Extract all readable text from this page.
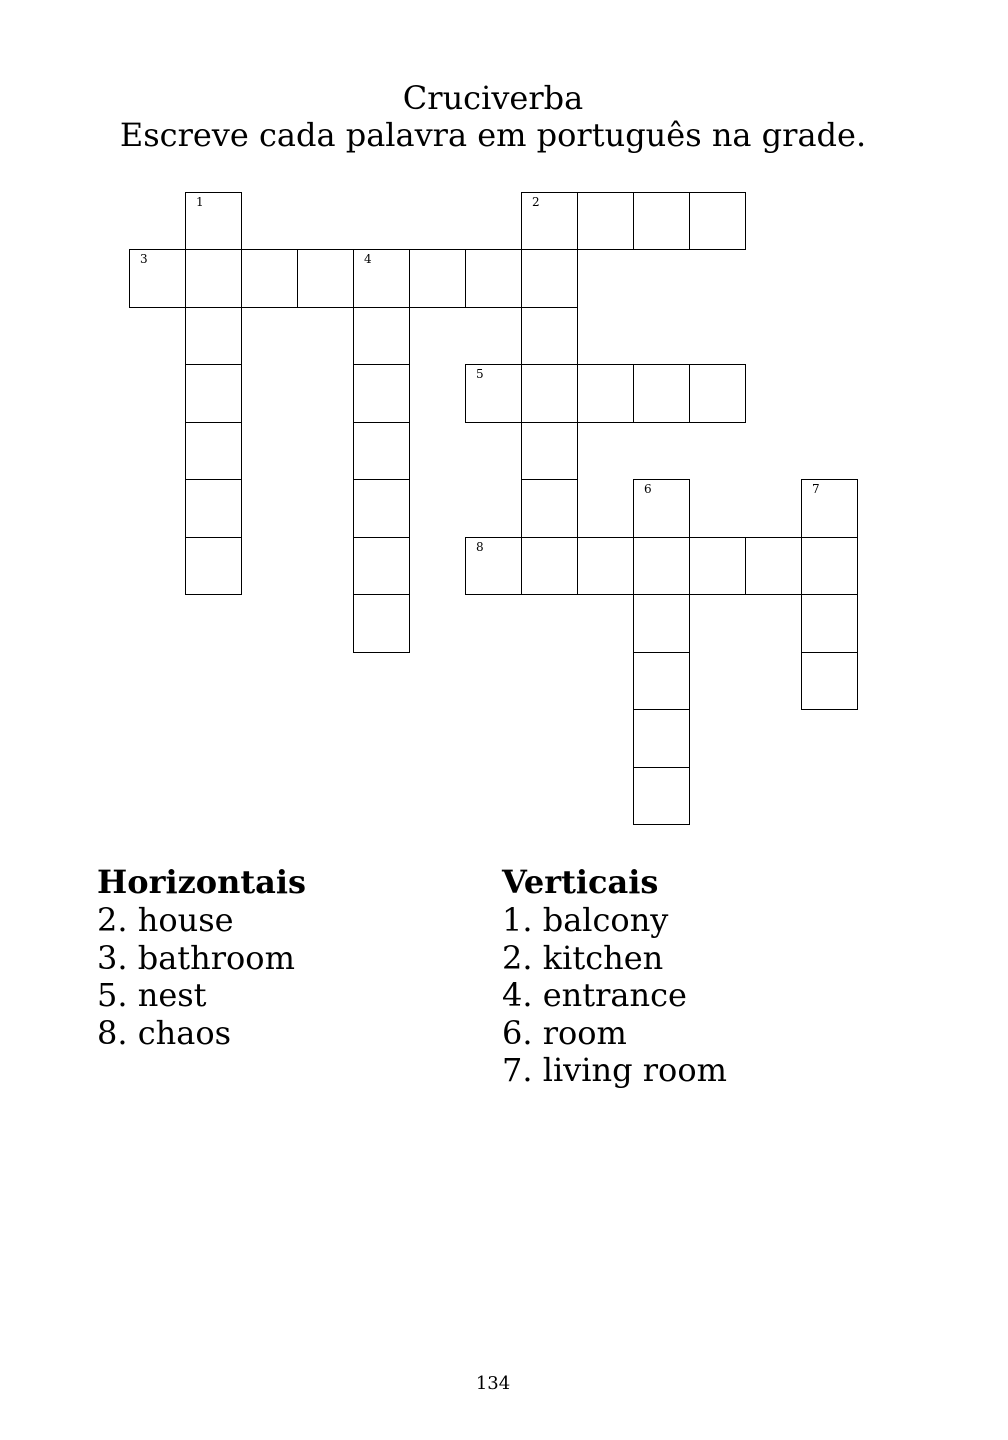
Cruciverba
Escreve cada palavra em português na grade.
1	2
3	4
5
6	7
8
Horizontais
2. house
3. bathroom
5. nest
8. chaos
Verticais
1. balcony
2. kitchen
4. entrance
6. room
7. living room
134
